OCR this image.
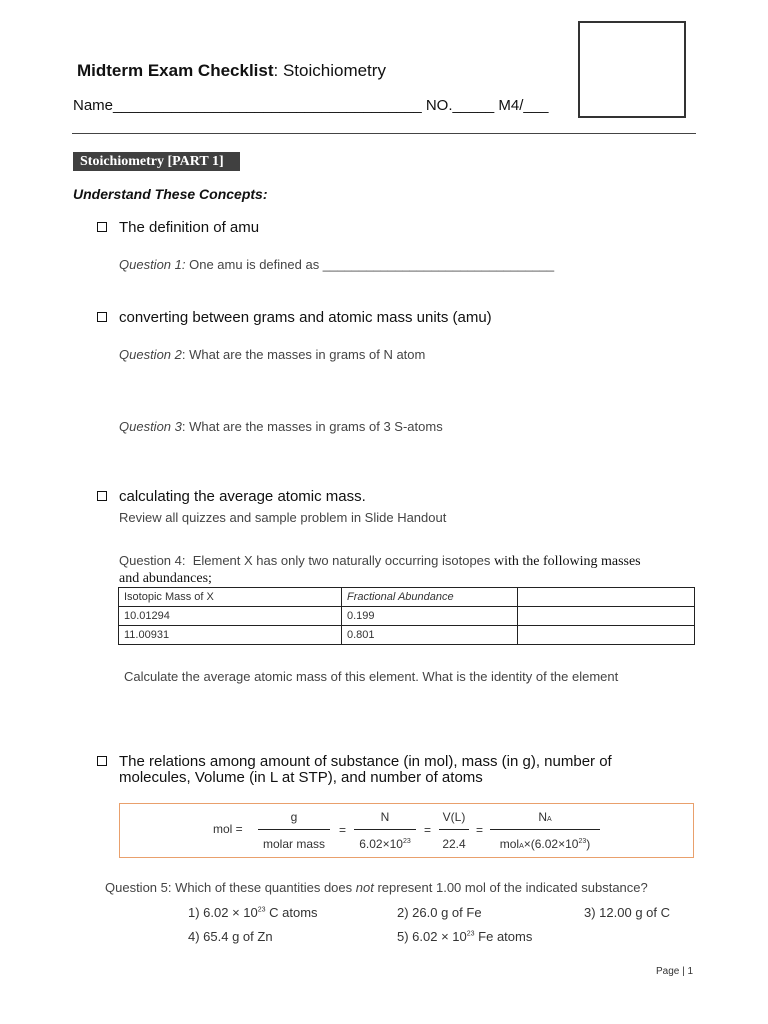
Midterm Exam Checklist: Stoichiometry
Name_____________________________________ NO._____ M4/___
Stoichiometry [PART 1]
Understand These Concepts:
The definition of amu
Question 1: One amu is defined as ________________________________
converting between grams and atomic mass units (amu)
Question 2: What are the masses in grams of N atom
Question 3: What are the masses in grams of 3 S-atoms
calculating the average atomic mass.
Review all quizzes and sample problem in Slide Handout
Question 4:  Element X has only two naturally occurring isotopes with the following masses
and abundances;
Isotopic Mass of X	Fractional Abundance	
10.01294	0.199	
11.00931	0.801	
Calculate the average atomic mass of this element. What is the identity of the element
The relations among amount of substance (in mol), mass (in g), number of
molecules, Volume (in L at STP), and number of atoms
mol =
g
molar mass
=
N
$6.02\times 10^{23}$
=
V(L)
22.4
=
NA
$molA\times(6.02\times 10^{23})$
Question 5: Which of these quantities does not represent 1.00 mol of the indicated substance?
1) $6.02 \times 10^{23}$ C atoms	2) 26.0 g of Fe	3) 12.00 g of C
4) 65.4 g of Zn	5) $6.02 \times 10^{23}$ Fe atoms
Page | 1
